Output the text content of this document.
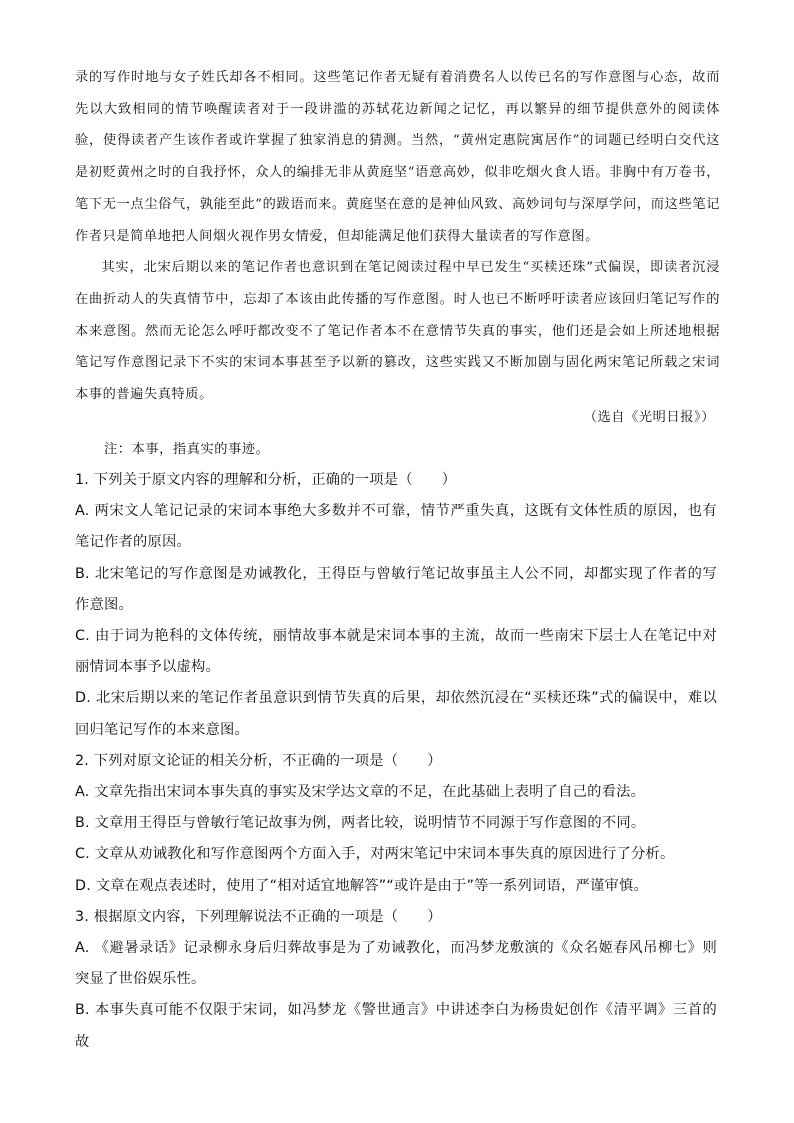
录的写作时地与女子姓氏却各不相同。这些笔记作者无疑有着消费名人以传已名的写作意图与心态，故而先以大致相同的情节唤醒读者对于一段讲滥的苏轼花边新闻之记忆，再以繁异的细节提供意外的阅读体验，使得读者产生该作者或许掌握了独家消息的猜测。当然，“黄州定惠院寓居作”的词题已经明白交代这是初贬黄州之时的自我抒怀，众人的编排无非从黄庭坚“语意高妙，似非吃烟火食人语。非胸中有万卷书，笔下无一点尘俗气，孰能至此”的跋语而来。黄庭坚在意的是神仙风致、高妙词句与深厚学问，而这些笔记作者只是简单地把人间烟火视作男女情爱，但却能满足他们获得大量读者的写作意图。

其实，北宋后期以来的笔记作者也意识到在笔记阅读过程中早已发生“买椟还珠”式偏误，即读者沉浸在曲折动人的失真情节中，忘却了本该由此传播的写作意图。时人也已不断呼吁读者应该回归笔记写作的本来意图。然而无论怎么呼吁都改变不了笔记作者本不在意情节失真的事实，他们还是会如上所述地根据笔记写作意图记录下不实的宋词本事甚至予以新的篡改，这些实践又不断加剧与固化两宋笔记所载之宋词本事的普遍失真特质。

（选自《光明日报》）
注：本事，指真实的事迹。
1. 下列关于原文内容的理解和分析，正确的一项是（　　）
A. 两宋文人笔记记录的宋词本事绝大多数并不可靠，情节严重失真，这既有文体性质的原因，也有笔记作者的原因。
B. 北宋笔记的写作意图是劝诫教化，王得臣与曾敏行笔记故事虽主人公不同，却都实现了作者的写作意图。
C. 由于词为艳科的文体传统，丽情故事本就是宋词本事的主流，故而一些南宋下层士人在笔记中对丽情词本事予以虚构。
D. 北宋后期以来的笔记作者虽意识到情节失真的后果，却依然沉浸在“买椟还珠”式的偏误中，难以回归笔记写作的本来意图。
2. 下列对原文论证的相关分析，不正确的一项是（　　）
A. 文章先指出宋词本事失真的事实及宋学达文章的不足，在此基础上表明了自己的看法。
B. 文章用王得臣与曾敏行笔记故事为例，两者比较，说明情节不同源于写作意图的不同。
C. 文章从劝诫教化和写作意图两个方面入手，对两宋笔记中宋词本事失真的原因进行了分析。
D. 文章在观点表述时，使用了“相对适宜地解答”“或许是由于”等一系列词语，严谨审慎。
3. 根据原文内容，下列理解说法不正确的一项是（　　）
A. 《避暑录话》记录柳永身后归葬故事是为了劝诫教化，而冯梦龙敷演的《众名姬春风吊柳七》则突显了世俗娱乐性。
B. 本事失真可能不仅限于宋词，如冯梦龙《警世通言》中讲述李白为杨贵妃创作《清平调》三首的故
